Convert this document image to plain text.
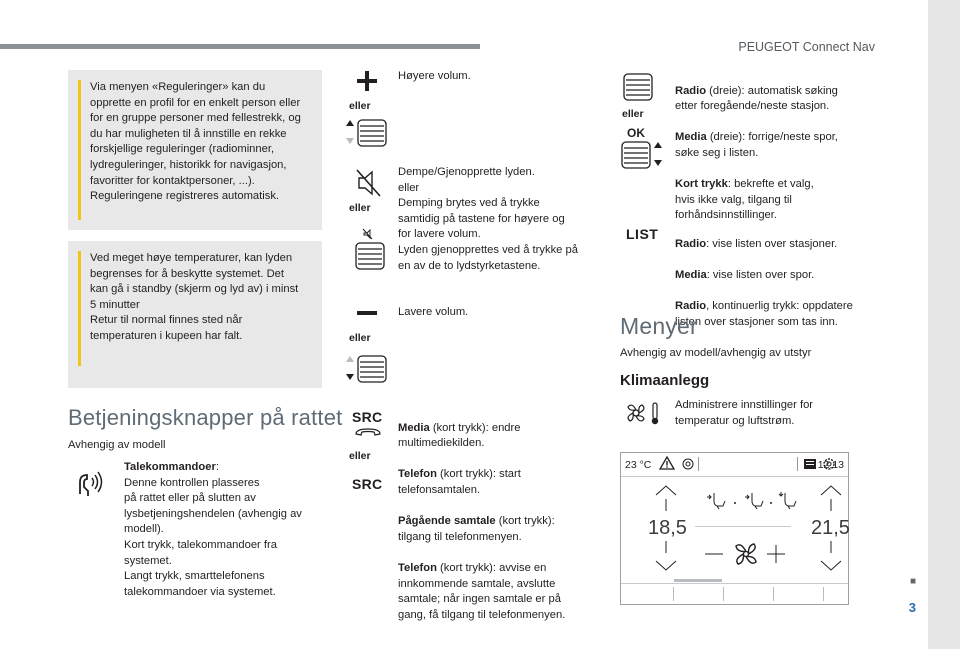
PEUGEOT Connect Nav
Via menyen «Reguleringer» kan du
opprette en profil for en enkelt person eller
for en gruppe personer med fellestrekk, og
du har muligheten til å innstille en rekke
forskjellige reguleringer (radiominner,
lydreguleringer, historikk for navigasjon,
favoritter for kontaktpersoner, ...).
Reguleringene registreres automatisk.
Ved meget høye temperaturer, kan lyden
begrenses for å beskytte systemet. Det
kan gå i standby (skjerm og lyd av) i minst
5 minutter
Retur til normal finnes sted når
temperaturen i kupeen har falt.
Betjeningsknapper på rattet
Avhengig av modell
Talekommandoer:
Denne kontrollen plasseres
på rattet eller på slutten av
lysbetjeningshendelen (avhengig av
modell).
Kort trykk, talekommandoer fra
systemet.
Langt trykk, smarttelefonens
talekommandoer via systemet.
eller
Høyere volum.
eller
Dempe/Gjenopprette lyden.
eller
Demping brytes ved å trykke
samtidig på tastene for høyere og
for lavere volum.
Lyden gjenopprettes ved å trykke på
en av de to lydstyrketastene.
eller
Lavere volum.
SRC
eller
SRC

Media (kort trykk): endre
multimediekilden.

Telefon (kort trykk): start
telefonsamtalen.

Pågående samtale (kort trykk):
tilgang til telefonmenyen.

Telefon (kort trykk): avvise en
innkommende samtale, avslutte
samtale; når ingen samtale er på
gang, få tilgang til telefonmenyen.

eller
OK

Radio (dreie): automatisk søking
etter foregående/neste stasjon.

Media (dreie): forrige/neste spor,
søke seg i listen.

Kort trykk: bekrefte et valg,
hvis ikke valg, tilgang til
forhåndsinnstillinger.

LIST

Radio: vise listen over stasjoner.

Media: vise listen over spor.

Radio, kontinuerlig trykk: oppdatere
listen over stasjoner som tas inn.

Menyer
Avhengig av modell/avhengig av utstyr
Klimaanlegg
Administrere innstillinger for
temperatur og luftstrøm.
23 °C	12:13
18,5	21,5
■
3
